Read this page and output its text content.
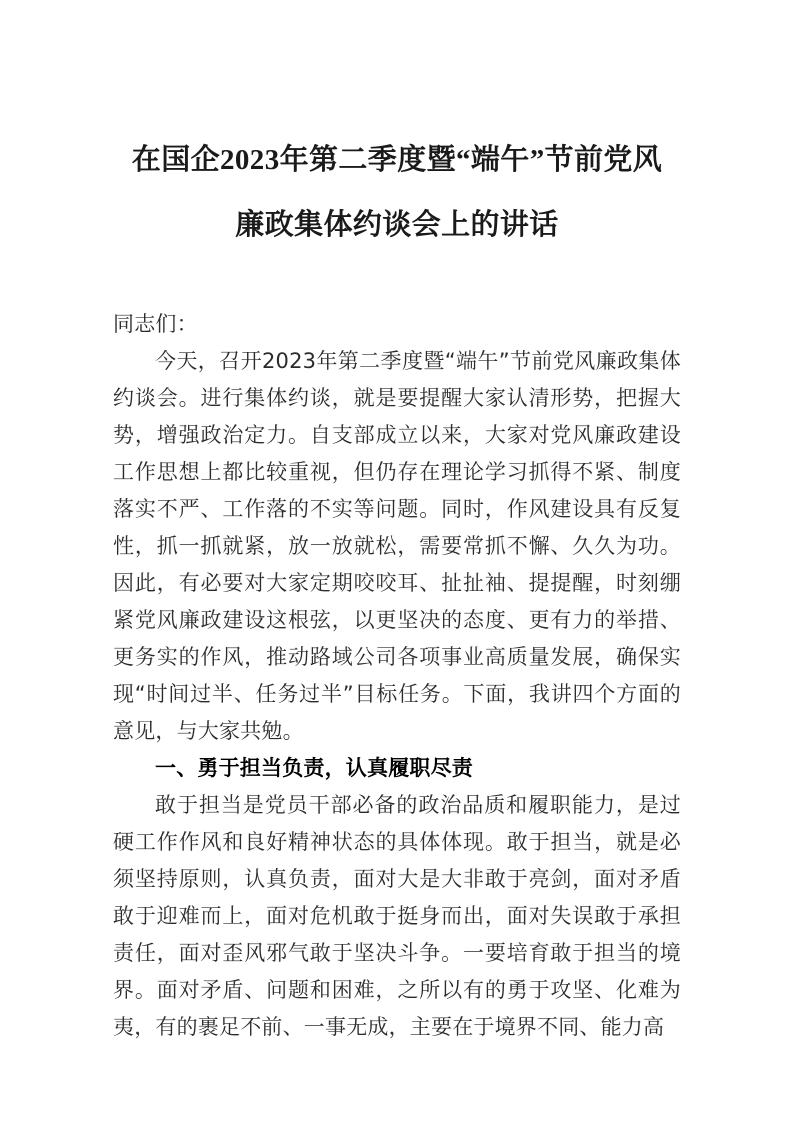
在国企2023年第二季度暨“端午”节前党风
廉政集体约谈会上的讲话

同志们：

今天，召开2023年第二季度暨“端午”节前党风廉政集体约谈会。进行集体约谈，就是要提醒大家认清形势，把握大势，增强政治定力。自支部成立以来，大家对党风廉政建设工作思想上都比较重视，但仍存在理论学习抓得不紧、制度落实不严、工作落的不实等问题。同时，作风建设具有反复性，抓一抓就紧，放一放就松，需要常抓不懈、久久为功。因此，有必要对大家定期咬咬耳、扯扯袖、提提醒，时刻绷紧党风廉政建设这根弦，以更坚决的态度、更有力的举措、更务实的作风，推动路域公司各项事业高质量发展，确保实现“时间过半、任务过半”目标任务。下面，我讲四个方面的意见，与大家共勉。

一、勇于担当负责，认真履职尽责

敢于担当是党员干部必备的政治品质和履职能力，是过硬工作作风和良好精神状态的具体体现。敢于担当，就是必须坚持原则，认真负责，面对大是大非敢于亮剑，面对矛盾敢于迎难而上，面对危机敢于挺身而出，面对失误敢于承担责任，面对歪风邪气敢于坚决斗争。一要培育敢于担当的境界。面对矛盾、问题和困难，之所以有的勇于攻坚、化难为夷，有的裹足不前、一事无成，主要在于境界不同、能力高
